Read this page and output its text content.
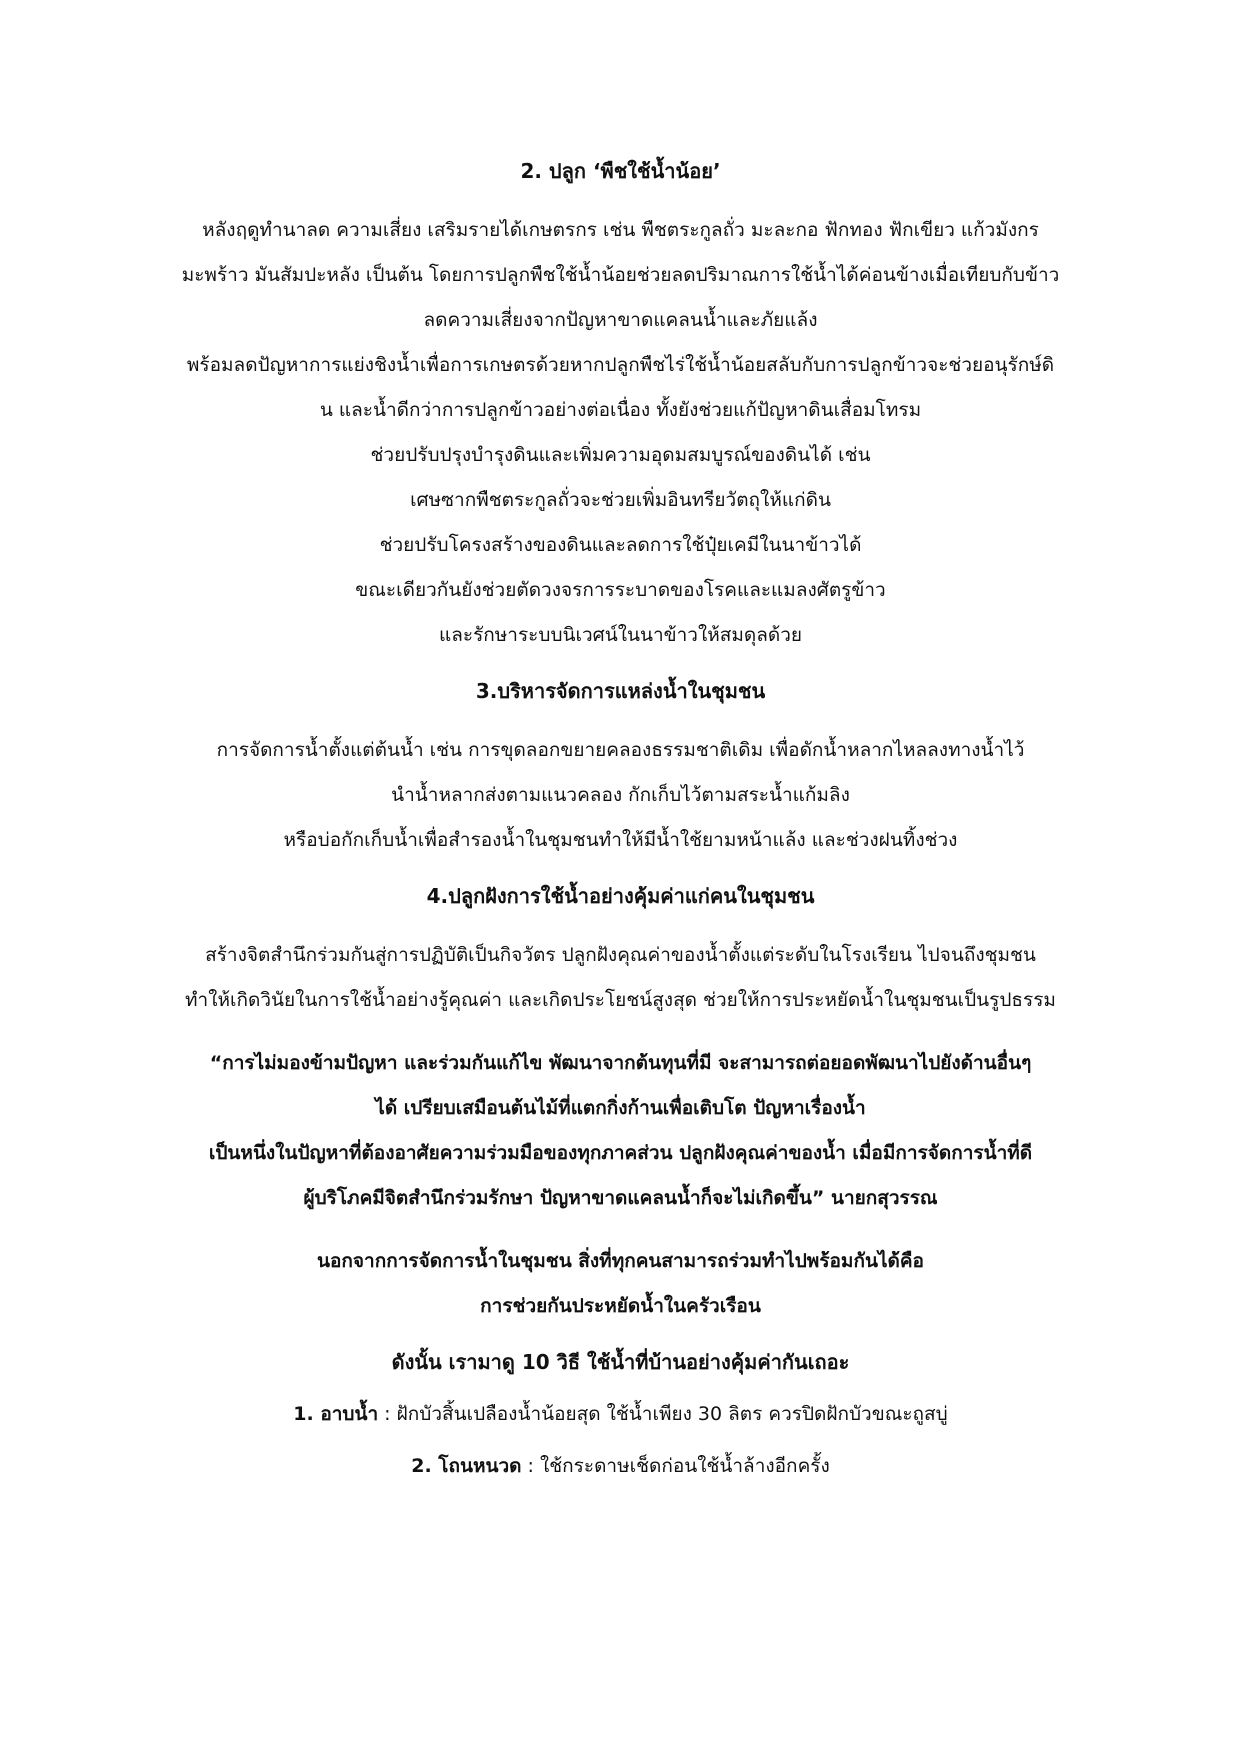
2. ปลูก ‘พืชใช้น้ำน้อย’

หลังฤดูทำนาลด ความเสี่ยง เสริมรายได้เกษตรกร เช่น พืชตระกูลถั่ว มะละกอ ฟักทอง ฟักเขียว แก้วมังกร
มะพร้าว มันสัมปะหลัง เป็นต้น โดยการปลูกพืชใช้น้ำน้อยช่วยลดปริมาณการใช้น้ำได้ค่อนข้างเมื่อเทียบกับข้าว
ลดความเสี่ยงจากปัญหาขาดแคลนน้ำและภัยแล้ง
พร้อมลดปัญหาการแย่งชิงน้ำเพื่อการเกษตรด้วยหากปลูกพืชไร่ใช้น้ำน้อยสลับกับการปลูกข้าวจะช่วยอนุรักษ์ดิ
น และน้ำดีกว่าการปลูกข้าวอย่างต่อเนื่อง ทั้งยังช่วยแก้ปัญหาดินเสื่อมโทรม
ช่วยปรับปรุงบำรุงดินและเพิ่มความอุดมสมบูรณ์ของดินได้ เช่น
เศษซากพืชตระกูลถั่วจะช่วยเพิ่มอินทรียวัตถุให้แก่ดิน
ช่วยปรับโครงสร้างของดินและลดการใช้ปุ๋ยเคมีในนาข้าวได้
ขณะเดียวกันยังช่วยตัดวงจรการระบาดของโรคและแมลงศัตรูข้าว
และรักษาระบบนิเวศน์ในนาข้าวให้สมดุลด้วย

3.บริหารจัดการแหล่งน้ำในชุมชน

การจัดการน้ำตั้งแต่ต้นน้ำ เช่น การขุดลอกขยายคลองธรรมชาติเดิม เพื่อดักน้ำหลากไหลลงทางน้ำไว้
นำน้ำหลากส่งตามแนวคลอง กักเก็บไว้ตามสระน้ำแก้มลิง
หรือบ่อกักเก็บน้ำเพื่อสำรองน้ำในชุมชนทำให้มีน้ำใช้ยามหน้าแล้ง และช่วงฝนทิ้งช่วง

4.ปลูกฝังการใช้น้ำอย่างคุ้มค่าแก่คนในชุมชน

สร้างจิตสำนึกร่วมกันสู่การปฏิบัติเป็นกิจวัตร ปลูกฝังคุณค่าของน้ำตั้งแต่ระดับในโรงเรียน ไปจนถึงชุมชน
ทำให้เกิดวินัยในการใช้น้ำอย่างรู้คุณค่า และเกิดประโยชน์สูงสุด ช่วยให้การประหยัดน้ำในชุมชนเป็นรูปธรรม

“การไม่มองข้ามปัญหา และร่วมกันแก้ไข พัฒนาจากต้นทุนที่มี จะสามารถต่อยอดพัฒนาไปยังด้านอื่นๆ
ได้ เปรียบเสมือนต้นไม้ที่แตกกิ่งก้านเพื่อเติบโต ปัญหาเรื่องน้ำ
เป็นหนึ่งในปัญหาที่ต้องอาศัยความร่วมมือของทุกภาคส่วน ปลูกฝังคุณค่าของน้ำ เมื่อมีการจัดการน้ำที่ดี
ผู้บริโภคมีจิตสำนึกร่วมรักษา ปัญหาขาดแคลนน้ำก็จะไม่เกิดขึ้น” นายกสุวรรณ

นอกจากการจัดการน้ำในชุมชน สิ่งที่ทุกคนสามารถร่วมทำไปพร้อมกันได้คือ
การช่วยกันประหยัดน้ำในครัวเรือน

ดังนั้น เรามาดู 10 วิธี ใช้น้ำที่บ้านอย่างคุ้มค่ากันเถอะ

1. อาบน้ำ : ฝักบัวสิ้นเปลืองน้ำน้อยสุด ใช้น้ำเพียง 30 ลิตร ควรปิดฝักบัวขณะถูสบู่

2. โถนหนวด : ใช้กระดาษเช็ดก่อนใช้น้ำล้างอีกครั้ง
